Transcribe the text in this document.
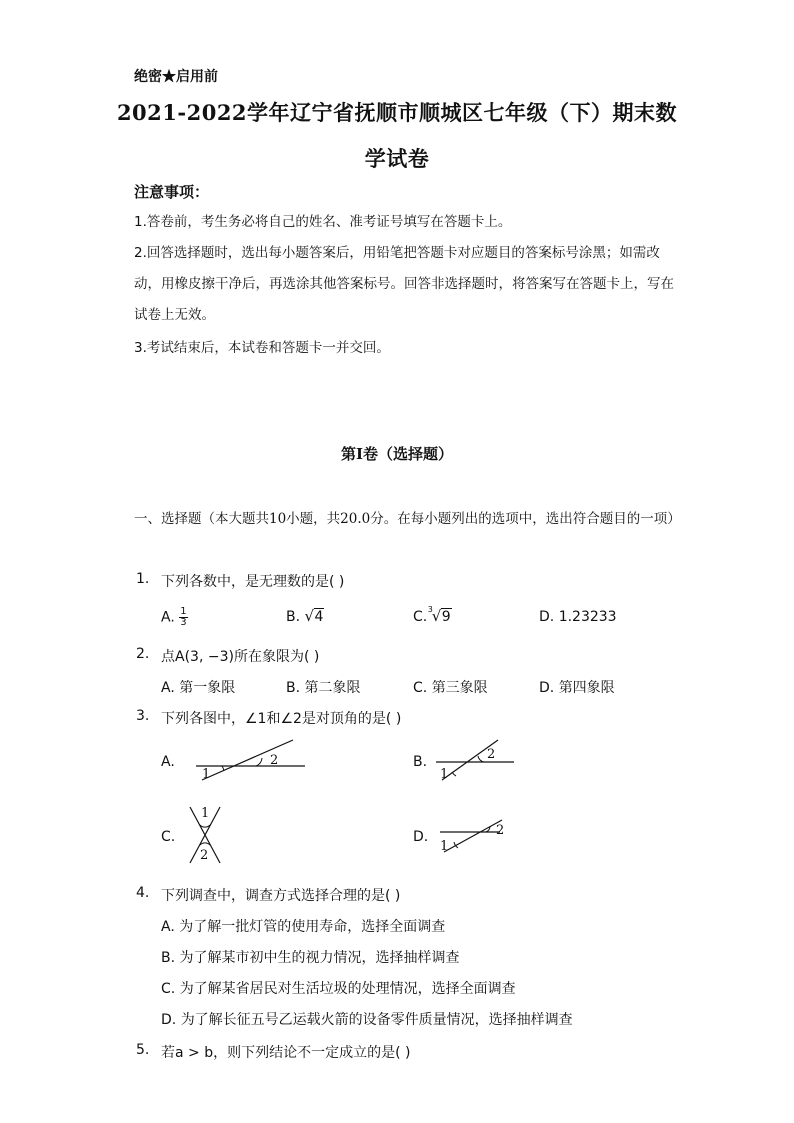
绝密★启用前
2021-2022学年辽宁省抚顺市顺城区七年级（下）期末数
学试卷
注意事项：
1.答卷前，考生务必将自己的姓名、准考证号填写在答题卡上。
2.回答选择题时，选出每小题答案后，用铅笔把答题卡对应题目的答案标号涂黑；如需改动，用橡皮擦干净后，再选涂其他答案标号。回答非选择题时，将答案写在答题卡上，写在试卷上无效。
3.考试结束后，本试卷和答题卡一并交回。
第I卷（选择题）
一、选择题（本大题共10小题，共20.0分。在每小题列出的选项中，选出符合题目的一项）
1. 下列各数中，是无理数的是( )
A. $\frac{1}{3}$	B. √ 4	C. 3
√ 9	D. 1.23233
2. 点A(3, −3)所在象限为( )
A. 第一象限	B. 第二象限	C. 第三象限	D. 第四象限
3. 下列各图中，∠1和∠2是对顶角的是( )
A.
1
2	B.
1
2
C.
1
2
D.
1
2
4. 下列调查中，调查方式选择合理的是( )
A. 为了解一批灯管的使用寿命，选择全面调查
B. 为了解某市初中生的视力情况，选择抽样调查
C. 为了解某省居民对生活垃圾的处理情况，选择全面调查
D. 为了解长征五号乙运载火箭的设备零件质量情况，选择抽样调查
5. 若a > b，则下列结论不一定成立的是( )
